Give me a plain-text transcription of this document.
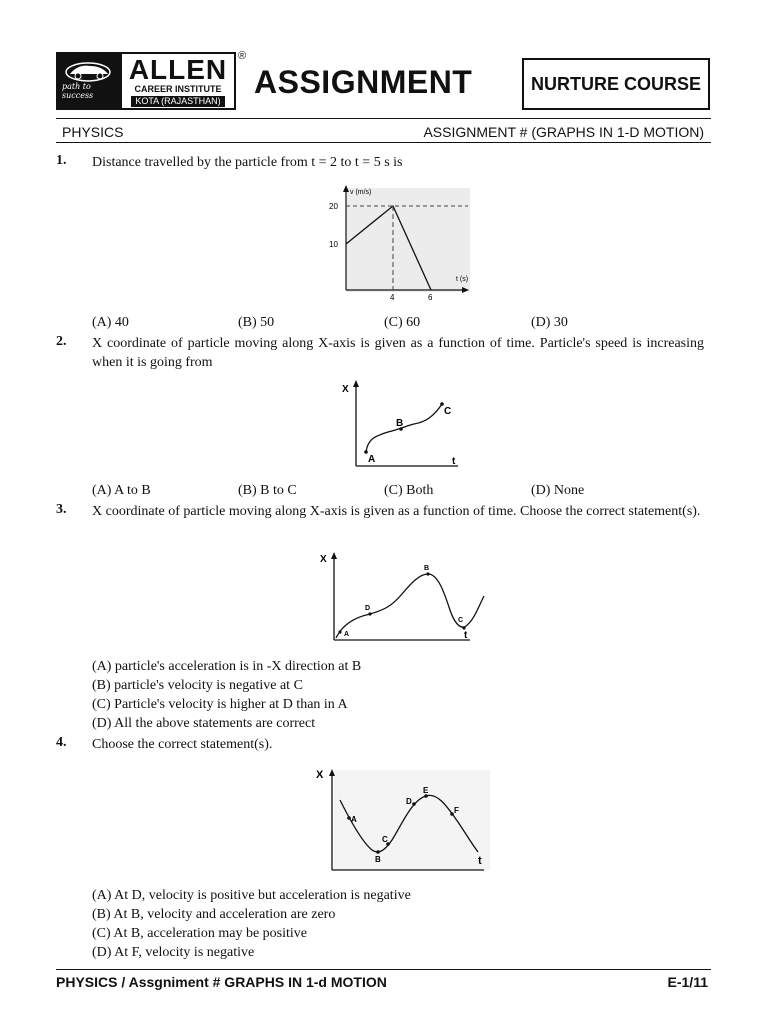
path to success
ALLEN
CAREER INSTITUTE
KOTA (RAJASTHAN)
®
ASSIGNMENT	NURTURE COURSE
PHYSICS	ASSIGNMENT # (GRAPHS IN 1-D MOTION)
1. Distance travelled by the particle from t = 2 to t = 5 s is
v (m/s)
t (s)
20
10
4	6
(A) 40	(B) 50	(C) 60	(D) 30
2. X coordinate of particle moving along X-axis is given as a function of time. Particle's speed is increasing when it is going from
X
t
A
B
C
(A) A to B	(B) B to C	(C) Both	(D) None
3. X coordinate of particle moving along X-axis is given as a function of time. Choose the correct statement(s).
X
t
A
D
B
C
(A) particle's acceleration is in -X direction at B
(B) particle's velocity is negative at C
(C) Particle's velocity is higher at D than in A
(D) All the above statements are correct
4. Choose the correct statement(s).
X
t
A
C
B
D
E
F
(A) At D, velocity is positive but acceleration is negative
(B) At B, velocity and acceleration are zero
(C) At B, acceleration may be positive
(D) At F, velocity is negative
PHYSICS / Assgniment # GRAPHS IN 1-d MOTION	E-1/11
